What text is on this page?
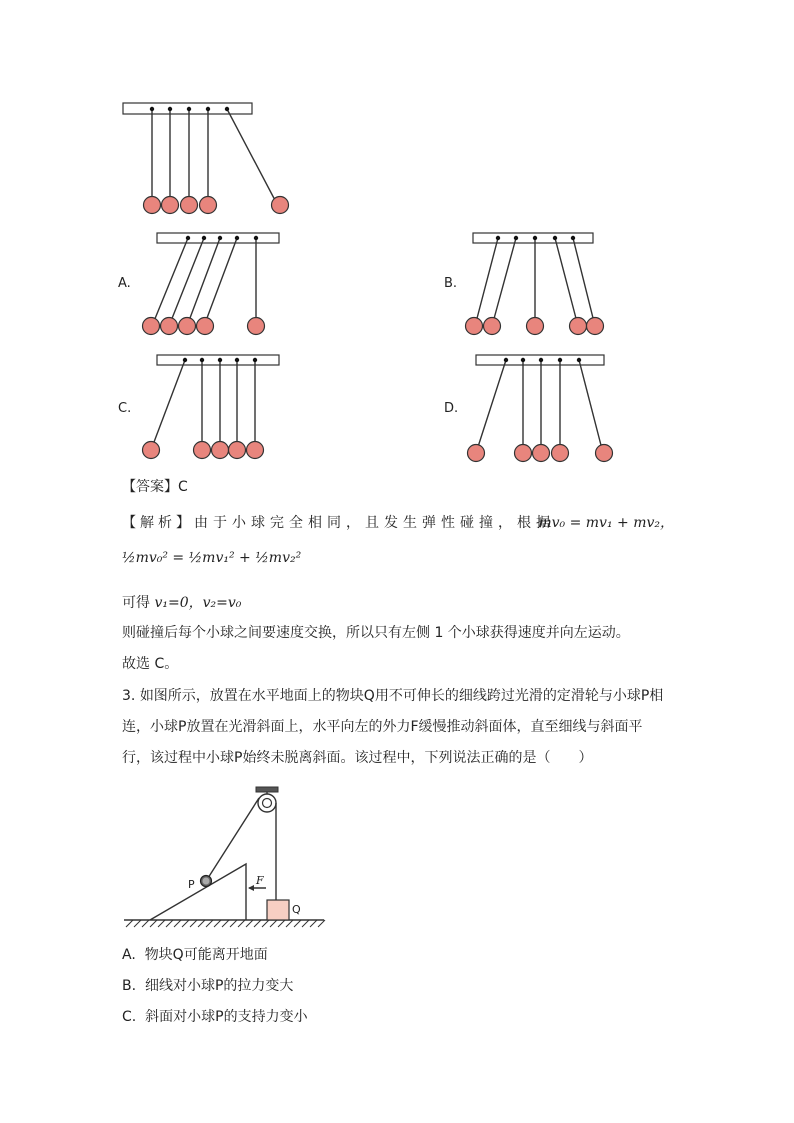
A.	B.
C.	D.
【答案】C
【解析】由于小球完全相同，且发生弹性碰撞，根据
mv₀ = mv₁ + mv₂，
½mv₀² = ½mv₁² + ½mv₂²
可得 v₁=0，v₂=v₀
则碰撞后每个小球之间要速度交换，所以只有左侧 1 个小球获得速度并向左运动。
故选 C。
3. 如图所示，放置在水平地面上的物块Q用不可伸长的细线跨过光滑的定滑轮与小球P相
连，小球P放置在光滑斜面上，水平向左的外力F缓慢推动斜面体，直至细线与斜面平
行，该过程中小球P始终未脱离斜面。该过程中，下列说法正确的是（　　）
P	F
Q
A. 物块Q可能离开地面
B. 细线对小球P的拉力变大
C. 斜面对小球P的支持力变小
